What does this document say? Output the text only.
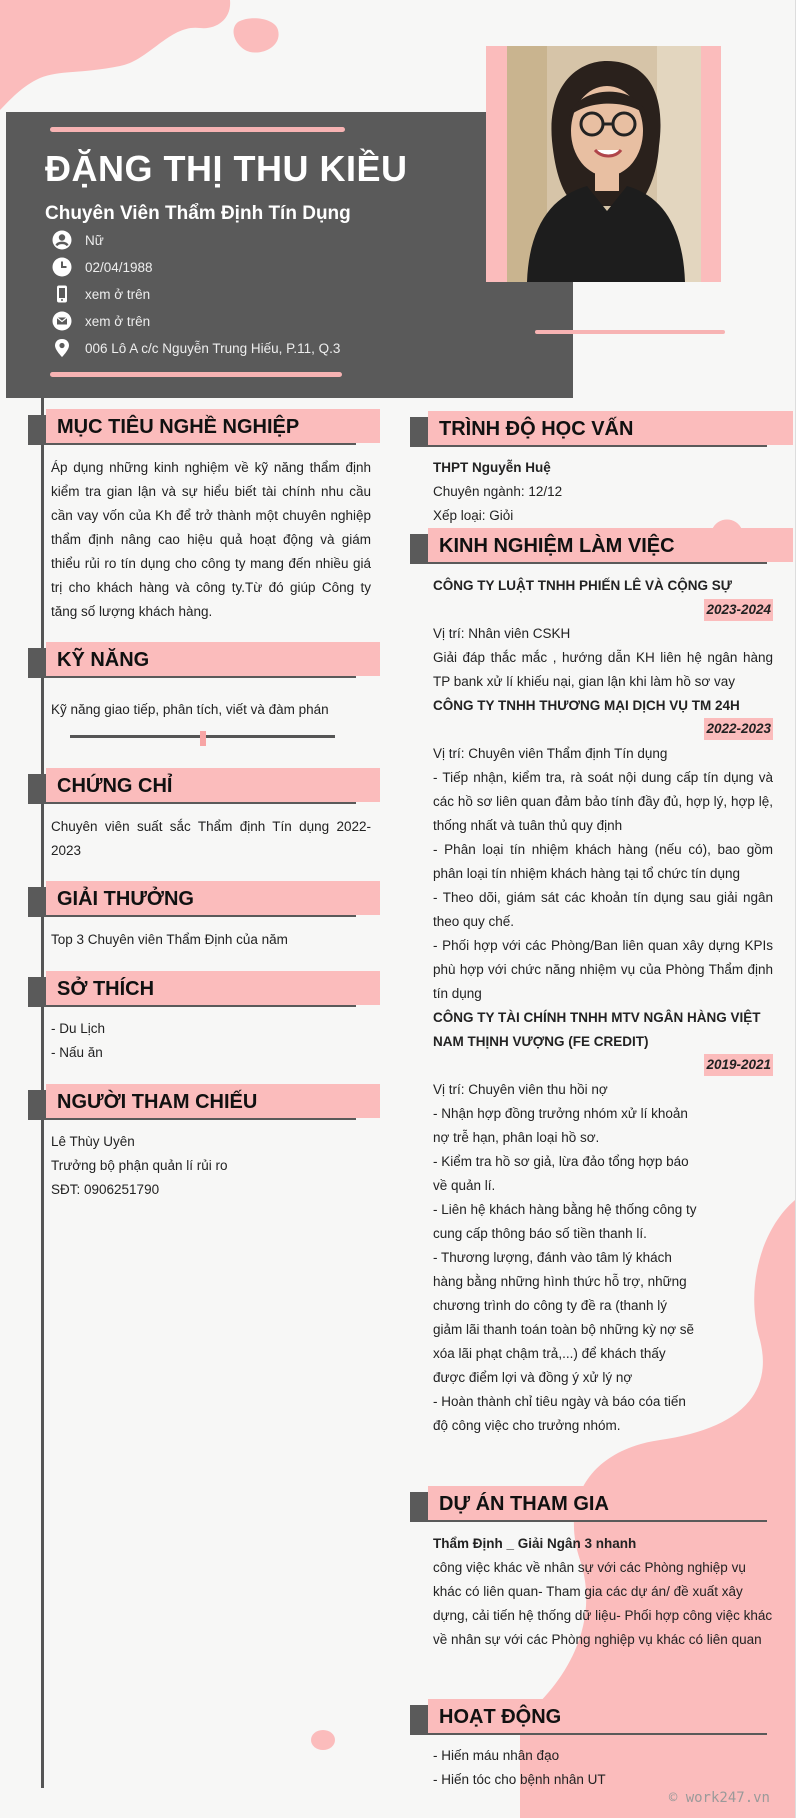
ĐẶNG THỊ THU KIỀU
Chuyên Viên Thẩm Định Tín Dụng
Nữ
02/04/1988
xem ở trên
xem ở trên
006 Lô A c/c Nguyễn Trung Hiếu, P.11, Q.3
MỤC TIÊU NGHỀ NGHIỆP
Áp dụng những kinh nghiệm về kỹ năng thẩm định kiểm tra gian lận và sự hiểu biết tài chính nhu cầu cần vay vốn của Kh để trở thành một chuyên nghiệp thẩm định nâng cao hiệu quả hoạt động và giám thiểu rủi ro tín dụng cho công ty mang đến nhiều giá trị cho khách hàng và công ty.Từ đó giúp Công ty tăng số lượng khách hàng.
KỸ NĂNG
Kỹ năng giao tiếp, phân tích, viết và đàm phán
CHỨNG CHỈ
Chuyên viên suất sắc Thẩm định Tín dụng 2022-2023
GIẢI THƯỞNG
Top 3 Chuyên viên Thẩm Định của năm
SỞ THÍCH
- Du Lịch
- Nấu ăn
NGƯỜI THAM CHIẾU
Lê Thùy Uyên
Trưởng bộ phận quản lí rủi ro
SĐT: 0906251790
TRÌNH ĐỘ HỌC VẤN
THPT Nguyễn Huệ
Chuyên ngành: 12/12
Xếp loại: Giỏi
KINH NGHIỆM LÀM VIỆC
CÔNG TY LUẬT TNHH PHIẾN LÊ VÀ CỘNG SỰ
2023-2024
Vị trí: Nhân viên CSKH
Giải đáp thắc mắc , hướng dẫn KH liên hệ ngân hàng TP bank xử lí khiếu nại, gian lận khi làm hồ sơ vay
CÔNG TY TNHH THƯƠNG MẠI DỊCH VỤ TM 24H
2022-2023
Vị trí: Chuyên viên Thẩm định Tín dụng
- Tiếp nhận, kiểm tra, rà soát nội dung cấp tín dụng và các hồ sơ liên quan đảm bảo tính đầy đủ, hợp lý, hợp lệ, thống nhất và tuân thủ quy định
- Phân loại tín nhiệm khách hàng (nếu có), bao gồm phân loại tín nhiệm khách hàng tại tổ chức tín dụng
- Theo dõi, giám sát các khoản tín dụng sau giải ngân theo quy chế.
- Phối hợp với các Phòng/Ban liên quan xây dựng KPIs phù hợp với chức năng nhiệm vụ của Phòng Thẩm định tín dụng
CÔNG TY TÀI CHÍNH TNHH MTV NGÂN HÀNG VIỆT NAM THỊNH VƯỢNG (FE CREDIT)
2019-2021
Vị trí: Chuyên viên thu hồi nợ
- Nhận hợp đồng trưởng nhóm xử lí khoản nợ trễ hạn, phân loại hồ sơ.
- Kiểm tra hồ sơ giả, lừa đảo tổng hợp báo về quản lí.
- Liên hệ khách hàng bằng hệ thống công ty cung cấp thông báo số tiền thanh lí.
- Thương lượng, đánh vào tâm lý khách hàng bằng những hình thức hỗ trợ, những chương trình do công ty đề ra (thanh lý giảm lãi thanh toán toàn bộ những kỳ nợ sẽ xóa lãi phạt chậm trả,...) để khách thấy được điểm lợi và đồng ý xử lý nợ
- Hoàn thành chỉ tiêu ngày và báo cóa tiến độ công việc cho trưởng nhóm.
DỰ ÁN THAM GIA
Thẩm Định _ Giải Ngân 3 nhanh
công việc khác về nhân sự với các Phòng nghiệp vụ khác có liên quan- Tham gia các dự án/ đề xuất xây dựng, cải tiến hệ thống dữ liệu- Phối hợp công việc khác về nhân sự với các Phòng nghiệp vụ khác có liên quan
HOẠT ĐỘNG
- Hiến máu nhân đạo
- Hiến tóc cho bệnh nhân UT
© work247.vn
